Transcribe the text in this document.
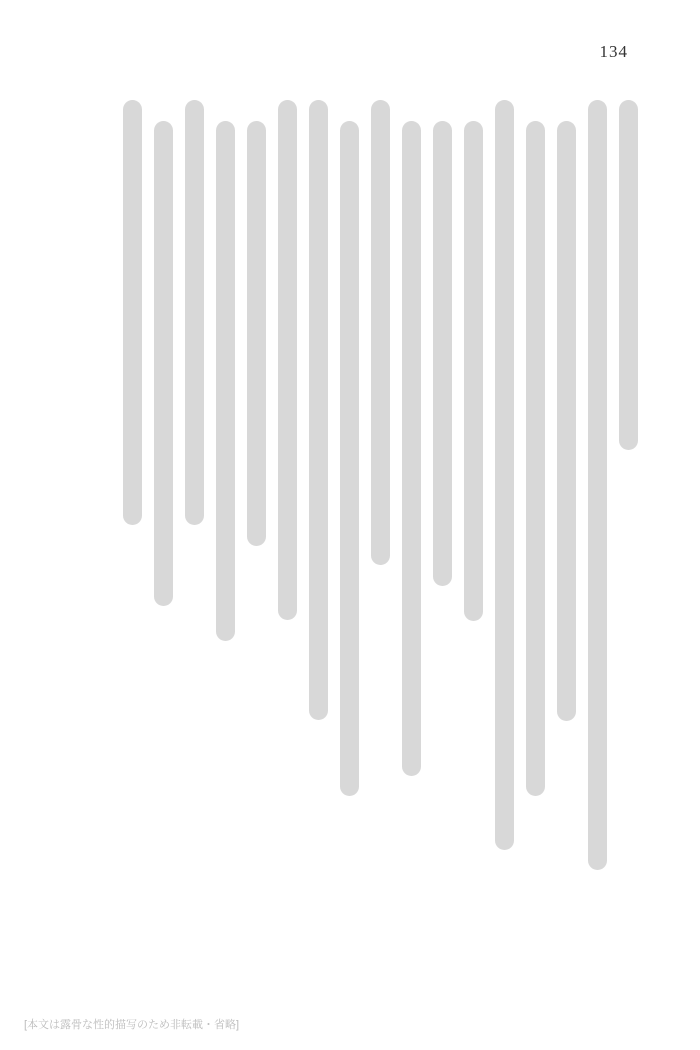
134
[本文は露骨な性的描写のため非転載・省略]
